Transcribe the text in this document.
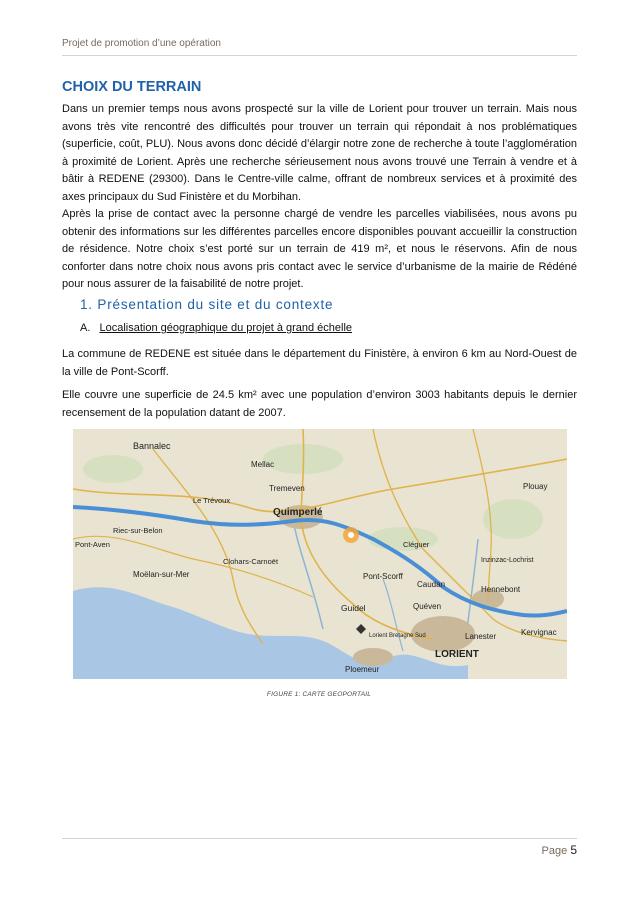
Projet de promotion d’une opération
CHOIX DU TERRAIN

Dans un premier temps nous avons prospecté sur la ville de Lorient pour trouver un terrain. Mais nous avons très vite rencontré des difficultés pour trouver un terrain qui répondait à nos problématiques (superficie, coût, PLU). Nous avons donc décidé d’élargir notre zone de recherche à toute l’agglomération à proximité de Lorient. Après une recherche sérieusement nous avons trouvé une Terrain à vendre et à bâtir à REDENE (29300). Dans le Centre-ville calme, offrant de nombreux services et à proximité des axes principaux du Sud Finistère et du Morbihan.

Après la prise de contact avec la personne chargé de vendre les parcelles viabilisées, nous avons pu obtenir des informations sur les différentes parcelles encore disponibles pouvant accueillir la construction de résidence. Notre choix s’est porté sur un terrain de 419 m², et nous le réservons. Afin de nous conforter dans notre choix nous avons pris contact avec le service d’urbanisme de la mairie de Rédéné pour nous assurer de la faisabilité de notre projet.

1. Présentation du site et du contexte
A. Localisation géographique du projet à grand échelle

La commune de REDENE est située dans le département du Finistère, à environ 6 km au Nord-Ouest de la ville de Pont-Scorff.

Elle couvre une superficie de 24.5 km² avec une population d’environ 3003 habitants depuis le dernier recensement de la population datant de 2007.

Bannalec
Mellac
Tremeven
Quimperlé
Le Trévoux
Riec-sur-Belon
Moëlan-sur-Mer
Clohars-Carnoët
Pont-Scorff
Guidel	Quéven
Caudan
Hennebont
Inzinzac-Lochrist
LORIENT
Lanester
Ploemeur
Kervignac
Plouay
Pont-Aven	Cléguer
Lorient Bretagne Sud
FIGURE 1: CARTE GEOPORTAIL
Page 5
